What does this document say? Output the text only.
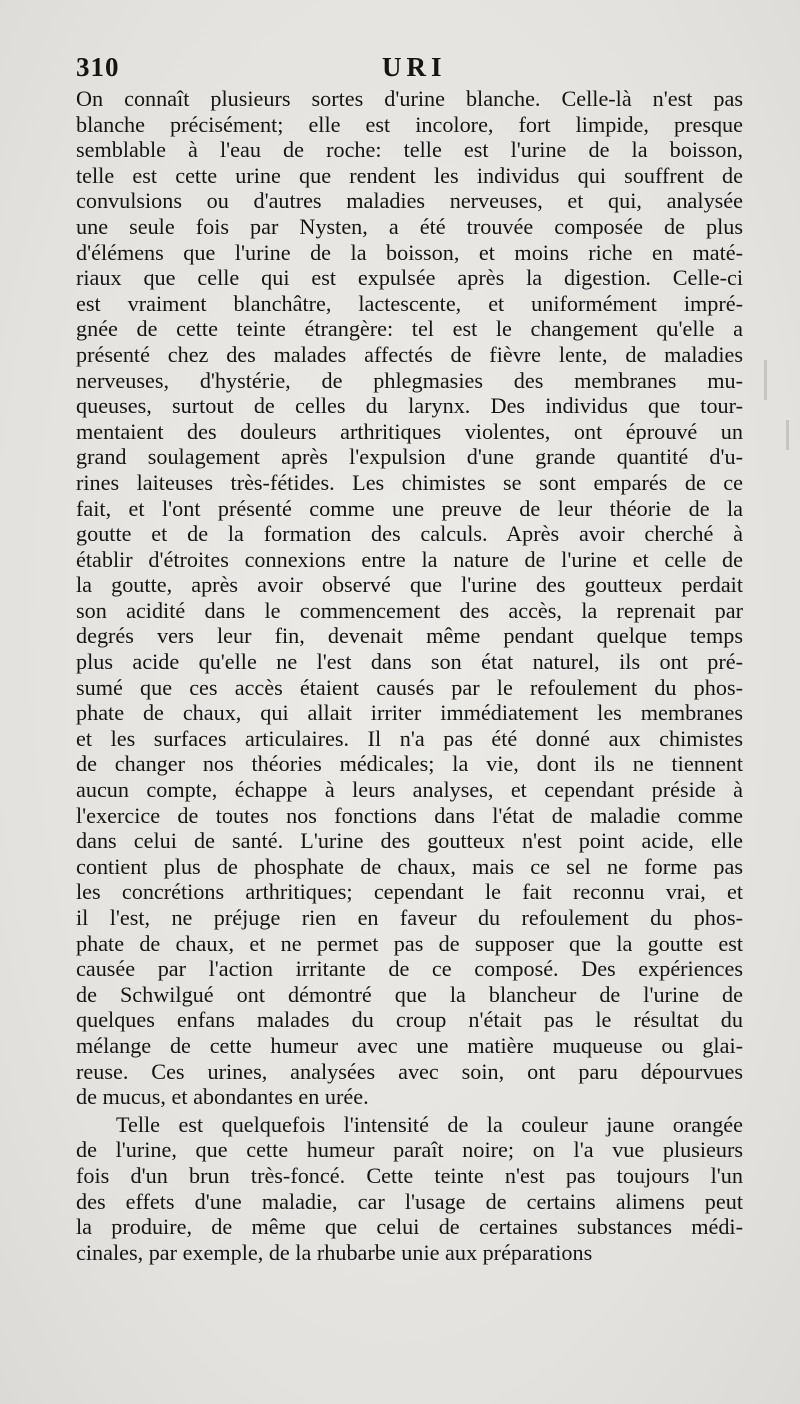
310	URI
On connaît plusieurs sortes d'urine blanche. Celle-là n'est pas
blanche précisément; elle est incolore, fort limpide, presque
semblable à l'eau de roche: telle est l'urine de la boisson,
telle est cette urine que rendent les individus qui souffrent de
convulsions ou d'autres maladies nerveuses, et qui, analysée
une seule fois par Nysten, a été trouvée composée de plus
d'élémens que l'urine de la boisson, et moins riche en maté-
riaux que celle qui est expulsée après la digestion. Celle-ci
est vraiment blanchâtre, lactescente, et uniformément impré-
gnée de cette teinte étrangère: tel est le changement qu'elle a
présenté chez des malades affectés de fièvre lente, de maladies
nerveuses, d'hystérie, de phlegmasies des membranes mu-
queuses, surtout de celles du larynx. Des individus que tour-
mentaient des douleurs arthritiques violentes, ont éprouvé un
grand soulagement après l'expulsion d'une grande quantité d'u-
rines laiteuses très-fétides. Les chimistes se sont emparés de ce
fait, et l'ont présenté comme une preuve de leur théorie de la
goutte et de la formation des calculs. Après avoir cherché à
établir d'étroites connexions entre la nature de l'urine et celle de
la goutte, après avoir observé que l'urine des goutteux perdait
son acidité dans le commencement des accès, la reprenait par
degrés vers leur fin, devenait même pendant quelque temps
plus acide qu'elle ne l'est dans son état naturel, ils ont pré-
sumé que ces accès étaient causés par le refoulement du phos-
phate de chaux, qui allait irriter immédiatement les membranes
et les surfaces articulaires. Il n'a pas été donné aux chimistes
de changer nos théories médicales; la vie, dont ils ne tiennent
aucun compte, échappe à leurs analyses, et cependant préside à
l'exercice de toutes nos fonctions dans l'état de maladie comme
dans celui de santé. L'urine des goutteux n'est point acide, elle
contient plus de phosphate de chaux, mais ce sel ne forme pas
les concrétions arthritiques; cependant le fait reconnu vrai, et
il l'est, ne préjuge rien en faveur du refoulement du phos-
phate de chaux, et ne permet pas de supposer que la goutte est
causée par l'action irritante de ce composé. Des expériences
de Schwilgué ont démontré que la blancheur de l'urine de
quelques enfans malades du croup n'était pas le résultat du
mélange de cette humeur avec une matière muqueuse ou glai-
reuse. Ces urines, analysées avec soin, ont paru dépourvues
de mucus, et abondantes en urée.
Telle est quelquefois l'intensité de la couleur jaune orangée
de l'urine, que cette humeur paraît noire; on l'a vue plusieurs
fois d'un brun très-foncé. Cette teinte n'est pas toujours l'un
des effets d'une maladie, car l'usage de certains alimens peut
la produire, de même que celui de certaines substances médi-
cinales, par exemple, de la rhubarbe unie aux préparations
